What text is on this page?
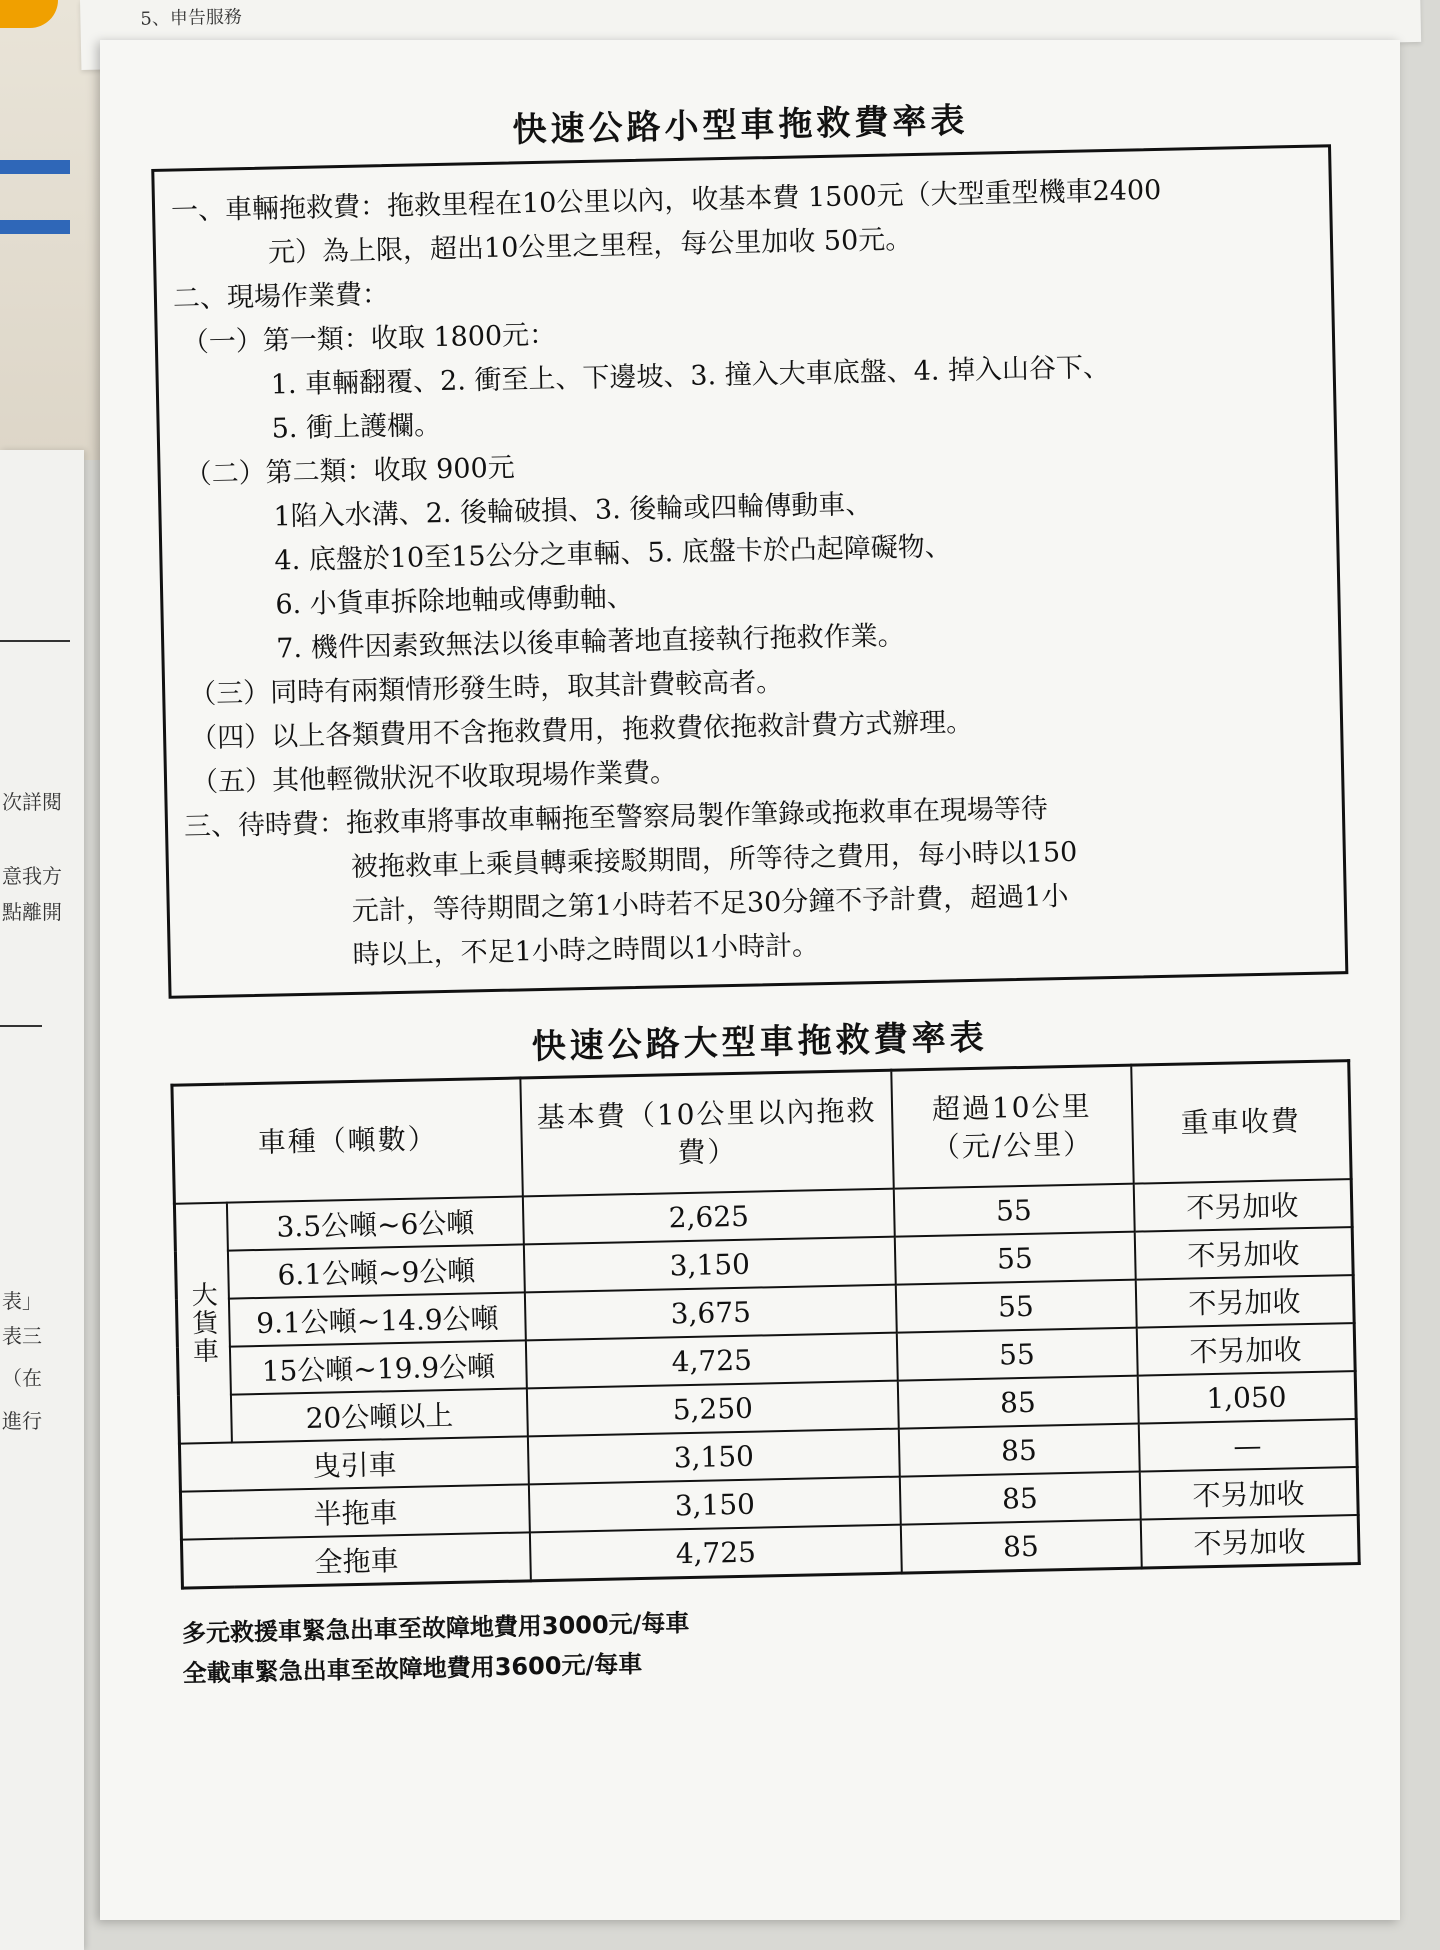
5、申告服務
次詳閱
意我方
點離開
表」
表三
（在
進行
快速公路小型車拖救費率表
一、車輛拖救費：拖救里程在10公里以內，收基本費 1500元（大型重型機車2400
元）為上限，超出10公里之里程，每公里加收 50元。
二、現場作業費：
（一）第一類：收取 1800元：
1. 車輛翻覆、2. 衝至上、下邊坡、3. 撞入大車底盤、4. 掉入山谷下、
5. 衝上護欄。
（二）第二類：收取 900元
1陷入水溝、2. 後輪破損、3. 後輪或四輪傳動車、
4. 底盤於10至15公分之車輛、5. 底盤卡於凸起障礙物、
6. 小貨車拆除地軸或傳動軸、
7. 機件因素致無法以後車輪著地直接執行拖救作業。
（三）同時有兩類情形發生時，取其計費較高者。
（四）以上各類費用不含拖救費用，拖救費依拖救計費方式辦理。
（五）其他輕微狀況不收取現場作業費。
三、待時費：拖救車將事故車輛拖至警察局製作筆錄或拖救車在現場等待
被拖救車上乘員轉乘接駁期間，所等待之費用，每小時以150
元計，等待期間之第1小時若不足30分鐘不予計費，超過1小
時以上，不足1小時之時間以1小時計。
快速公路大型車拖救費率表
車種（噸數）		基本費（10公里以內拖救費）	超過10公里（元/公里）	重車收費
大貨車	3.5公噸~6公噸	2,625	55	不另加收
	6.1公噸~9公噸	3,150	55	不另加收
	9.1公噸~14.9公噸	3,675	55	不另加收
	15公噸~19.9公噸	4,725	55	不另加收
	20公噸以上	5,250	85	1,050
曳引車		3,150	85	—
半拖車		3,150	85	不另加收
全拖車		4,725	85	不另加收
多元救援車緊急出車至故障地費用3000元/每車
全載車緊急出車至故障地費用3600元/每車
